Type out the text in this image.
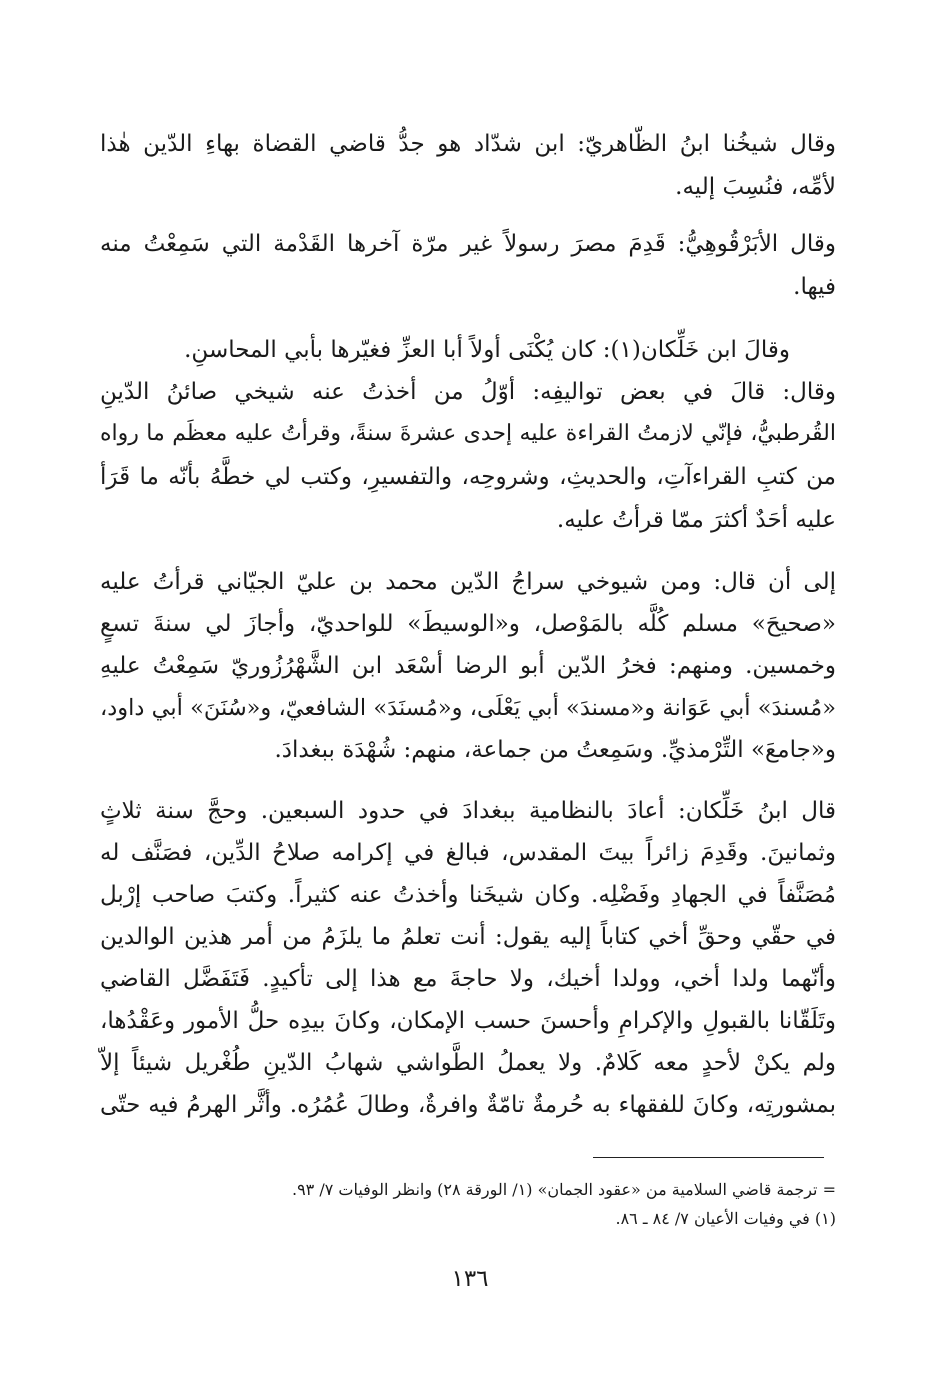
وقال شيخُنا ابنُ الظّاهريّ: ابن شدّاد هو جدُّ قاضي القضاة بهاءِ الدّين هٰذا
لأمِّه، فنُسِبَ إليه.
وقال الأبَرْقُوهِيُّ: قَدِمَ مصرَ رسولاً غير مرّة آخرها القَدْمة التي سَمِعْتُ منه
فيها.
وقالَ ابن خَلِّكان(١): كان يُكْنَى أولاً أبا العزِّ فغيّرها بأبي المحاسنِ.
وقال: قالَ في بعض تواليفِه: أوّلُ من أخذتُ عنه شيخي صائنُ الدّينِ
القُرطبيُّ، فإنّي لازمتُ القراءة عليه إحدى عشرةَ سنةً، وقرأتُ عليه معظَم ما رواه
من كتبِ القراءآتِ، والحديثِ، وشروحِه، والتفسيرِ، وكتب لي خطَّهُ بأنّه ما قَرَأ
عليه أحَدٌ أكثرَ ممّا قرأتُ عليه.
إلى أن قال: ومن شيوخي سراجُ الدّين محمد بن عليّ الجيّاني قرأتُ عليه
«صحيحَ» مسلم كُلَّه بالمَوْصل، و«الوسيطَ» للواحديّ، وأجازَ لي سنةَ تسعٍ
وخمسين. ومنهم: فخرُ الدّين أبو الرضا أسْعَد ابن الشَّهْرُزُوريّ سَمِعْتُ عليهِ
«مُسندَ» أبي عَوَانة و«مسندَ» أبي يَعْلَى، و«مُسنَدَ» الشافعيّ، و«سُنَنَ» أبي داود،
و«جامعَ» التِّرْمذيِّ. وسَمِعتُ من جماعة، منهم: شُهْدَة ببغدادَ.
قال ابنُ خَلِّكان: أعادَ بالنظامية ببغدادَ في حدود السبعين. وحجَّ سنة ثلاثٍ
وثمانينَ. وقَدِمَ زائراً بيتَ المقدس، فبالغ في إكرامه صلاحُ الدِّين، فصَنَّف له
مُصَنَّفاً في الجهادِ وفَضْلِه. وكان شيخَنا وأخذتُ عنه كثيراً. وكتبَ صاحب إرْبل
في حقّي وحقِّ أخي كتاباً إليه يقول: أنت تعلمُ ما يلزَمُ من أمر هذين الوالدين
وأنّهما ولدا أخي، وولدا أخيك، ولا حاجةَ مع هذا إلى تأكيدٍ. فَتَفَضَّل القاضي
وتَلَقّانا بالقبولِ والإكرامِ وأحسنَ حسب الإمكان، وكانَ بيدِه حلُّ الأمور وعَقْدُها،
ولم يكنْ لأحدٍ معه كَلامٌ. ولا يعملُ الطَّواشي شهابُ الدّينِ طُغْريل شيئاً إلاّ
بمشورتِه، وكانَ للفقهاء به حُرمةٌ تامّةٌ وافرةٌ، وطالَ عُمُرُه. وأثَّر الهرمُ فيه حتّى
= ترجمة قاضي السلامية من «عقود الجمان» (١/ الورقة ٢٨) وانظر الوفيات ٧/ ٩٣.
(١) في وفيات الأعيان ٧/ ٨٤ ـ ٨٦.
١٣٦
